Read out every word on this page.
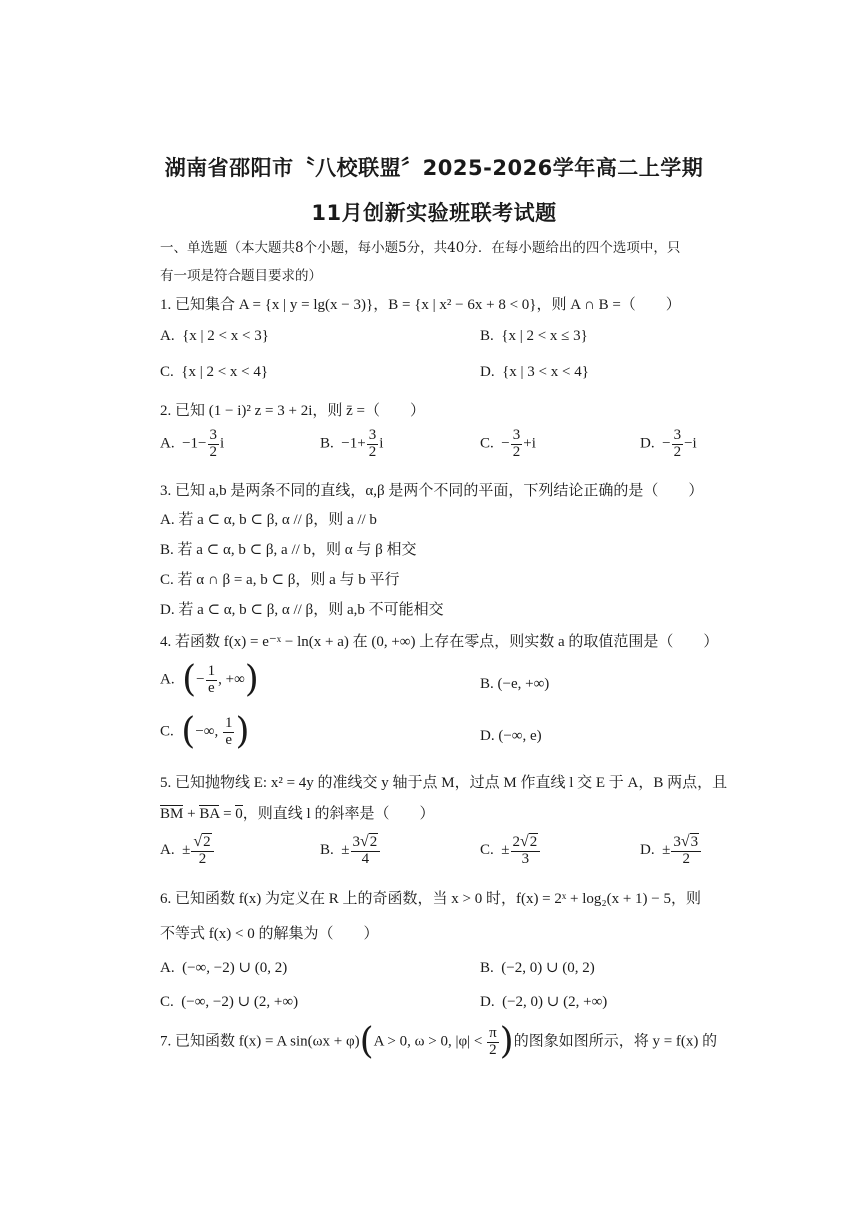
湖南省邵阳市〝八校联盟〞2025-2026学年高二上学期
11月创新实验班联考试题
一、单选题（本大题共8个小题，每小题5分，共40分．在每小题给出的四个选项中，只
有一项是符合题目要求的）
1. 已知集合 A = {x | y = lg(x − 3)}，B = {x | x² − 6x + 8 < 0}，则 A ∩ B =（　　）
A. {x | 2 < x < 3}	B. {x | 2 < x ≤ 3}
C. {x | 2 < x < 4}	D. {x | 3 < x < 4}
2. 已知 (1 − i)² z = 3 + 2i，则 z̄ =（　　）
A. $-1- \frac{3}{2}$ i	B. $-1+ \frac{3}{2}$ i	C. − $\frac{3}{2} +i$	D. − $\frac{3}{2} -i$
3. 已知 a,b 是两条不同的直线，α,β 是两个不同的平面，下列结论正确的是（　　）
A. 若 a ⊂ α, b ⊂ β, α // β，则 a // b
B. 若 a ⊂ α, b ⊂ β, a // b，则 α 与 β 相交
C. 若 α ∩ β = a, b ⊂ β，则 a 与 b 平行
D. 若 a ⊂ α, b ⊂ β, α // β，则 a,b 不可能相交
4. 若函数 f(x) = e⁻ˣ − ln(x + a) 在 (0, +∞) 上存在零点，则实数 a 的取值范围是（　　）
A. (− $\frac{1}{e}$ , +∞)	B. (−e, +∞)
C. (−∞, $\frac{1}{e}$ )	D. (−∞, e)
5. 已知抛物线 E: x² = 4y 的准线交 y 轴于点 M，过点 M 作直线 l 交 E 于 A，B 两点，且
BM + BA = 0，则直线 l 的斜率是（　　）
A. ± $\frac{√2}{2}$	B. ± $\frac{3√2}{4}$	C. ± $\frac{2√2}{3}$	D. ± $\frac{3√3}{2}$
6. 已知函数 f(x) 为定义在 R 上的奇函数，当 x > 0 时，f(x) = 2ˣ + log₂(x + 1) − 5，则
不等式 f(x) < 0 的解集为（　　）
A. (−∞, −2) ∪ (0, 2)	B. (−2, 0) ∪ (0, 2)
C. (−∞, −2) ∪ (2, +∞)	D. (−2, 0) ∪ (2, +∞)
7. 已知函数 f(x) = A sin(ωx + φ)(A > 0, ω > 0, $|\varphi| < \frac{\pi}{2}$ )的图象如图所示，将 y = f(x) 的
